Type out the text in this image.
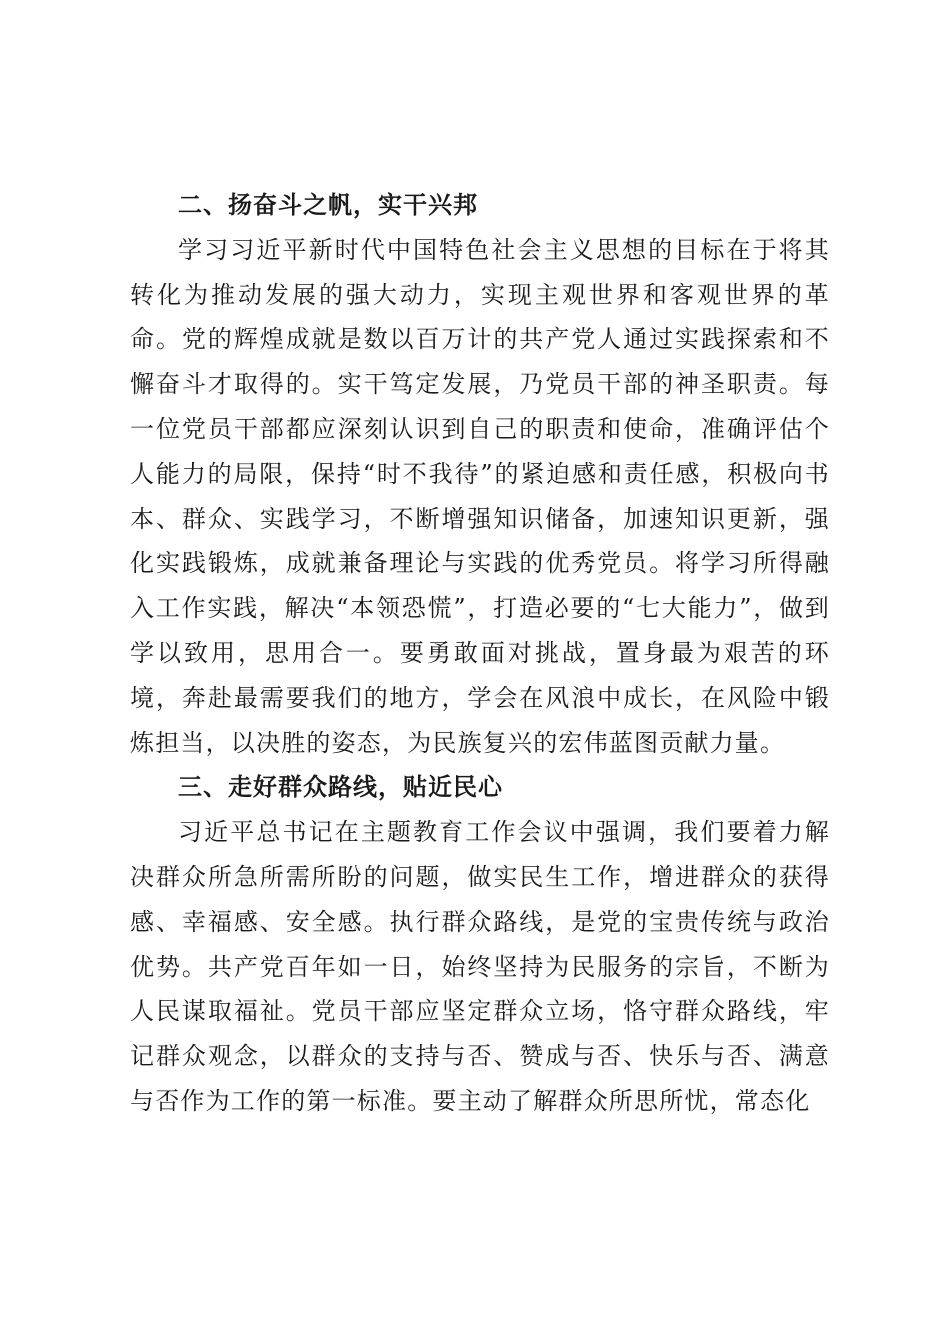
二、扬奋斗之帆，实干兴邦

学习习近平新时代中国特色社会主义思想的目标在于将其转化为推动发展的强大动力，实现主观世界和客观世界的革命。党的辉煌成就是数以百万计的共产党人通过实践探索和不懈奋斗才取得的。实干笃定发展，乃党员干部的神圣职责。每一位党员干部都应深刻认识到自己的职责和使命，准确评估个人能力的局限，保持“时不我待”的紧迫感和责任感，积极向书本、群众、实践学习，不断增强知识储备，加速知识更新，强化实践锻炼，成就兼备理论与实践的优秀党员。将学习所得融入工作实践，解决“本领恐慌”，打造必要的“七大能力”，做到学以致用，思用合一。要勇敢面对挑战，置身最为艰苦的环境，奔赴最需要我们的地方，学会在风浪中成长，在风险中锻炼担当，以决胜的姿态，为民族复兴的宏伟蓝图贡献力量。

三、走好群众路线，贴近民心

习近平总书记在主题教育工作会议中强调，我们要着力解决群众所急所需所盼的问题，做实民生工作，增进群众的获得感、幸福感、安全感。执行群众路线，是党的宝贵传统与政治优势。共产党百年如一日，始终坚持为民服务的宗旨，不断为人民谋取福祉。党员干部应坚定群众立场，恪守群众路线，牢记群众观念，以群众的支持与否、赞成与否、快乐与否、满意与否作为工作的第一标准。要主动了解群众所思所忧，常态化
